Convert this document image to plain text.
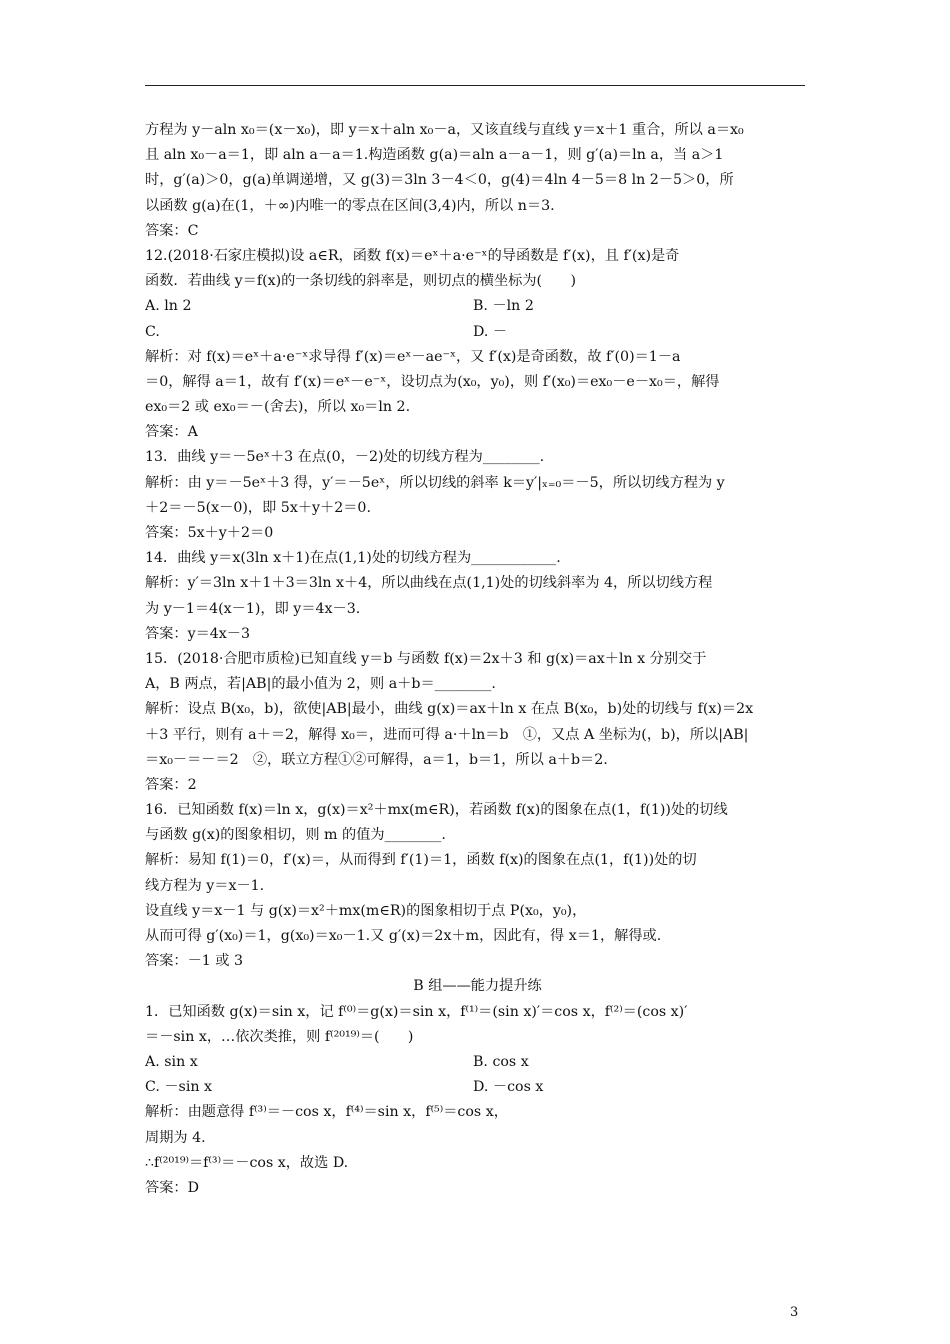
方程为 y－aln x₀＝(x－x₀)，即 y＝x＋aln x₀－a，又该直线与直线 y＝x＋1 重合，所以 a＝x₀
且 aln x₀－a＝1，即 aln a－a＝1.构造函数 g(a)＝aln a－a－1，则 g′(a)＝ln a，当 a＞1
时，g′(a)＞0，g(a)单调递增，又 g(3)＝3ln 3－4＜0，g(4)＝4ln 4－5＝8 ln 2－5＞0，所
以函数 g(a)在(1，＋∞)内唯一的零点在区间(3,4)内，所以 n＝3.
答案：C
12.(2018·石家庄模拟)设 a∈R，函数 f(x)＝eˣ＋a·e⁻ˣ的导函数是 f′(x)，且 f′(x)是奇
函数．若曲线 y＝f(x)的一条切线的斜率是，则切点的横坐标为(　　)
A. ln 2	B. －ln 2
C.	D. －
解析：对 f(x)＝eˣ＋a·e⁻ˣ求导得 f′(x)＝eˣ－ae⁻ˣ，又 f′(x)是奇函数，故 f′(0)＝1－a
＝0，解得 a＝1，故有 f′(x)＝eˣ－e⁻ˣ，设切点为(x₀，y₀)，则 f′(x₀)＝ex₀－e－x₀＝，解得
ex₀＝2 或 ex₀＝－(舍去)，所以 x₀＝ln 2.
答案：A
13．曲线 y＝－5eˣ＋3 在点(0，－2)处的切线方程为________.
解析：由 y＝－5eˣ＋3 得，y′＝－5eˣ，所以切线的斜率 k＝y′|ₓ₌₀＝－5，所以切线方程为 y
＋2＝－5(x－0)，即 5x＋y＋2＝0.
答案：5x＋y＋2＝0
14．曲线 y＝x(3ln x＋1)在点(1,1)处的切线方程为____________.
解析：y′＝3ln x＋1＋3＝3ln x＋4，所以曲线在点(1,1)处的切线斜率为 4，所以切线方程
为 y－1＝4(x－1)，即 y＝4x－3.
答案：y＝4x－3
15．(2018·合肥市质检)已知直线 y＝b 与函数 f(x)＝2x＋3 和 g(x)＝ax＋ln x 分别交于
A，B 两点，若|AB|的最小值为 2，则 a＋b＝________.
解析：设点 B(x₀，b)，欲使|AB|最小，曲线 g(x)＝ax＋ln x 在点 B(x₀，b)处的切线与 f(x)＝2x
＋3 平行，则有 a＋＝2，解得 x₀＝，进而可得 a·＋ln＝b　①，又点 A 坐标为(，b)，所以|AB|
＝x₀－＝－＝2　②，联立方程①②可解得，a＝1，b＝1，所以 a＋b＝2.
答案：2
16．已知函数 f(x)＝ln x，g(x)＝x²＋mx(m∈R)，若函数 f(x)的图象在点(1，f(1))处的切线
与函数 g(x)的图象相切，则 m 的值为________.
解析：易知 f(1)＝0，f′(x)＝，从而得到 f′(1)＝1，函数 f(x)的图象在点(1，f(1))处的切
线方程为 y＝x－1.
设直线 y＝x－1 与 g(x)＝x²＋mx(m∈R)的图象相切于点 P(x₀，y₀)，
从而可得 g′(x₀)＝1，g(x₀)＝x₀－1.又 g′(x)＝2x＋m，因此有，得 x＝1，解得或.
答案：－1 或 3
B 组——能力提升练
1．已知函数 g(x)＝sin x，记 f⁽⁰⁾＝g(x)＝sin x，f⁽¹⁾＝(sin x)′＝cos x，f⁽²⁾＝(cos x)′
＝－sin x，…依次类推，则 f⁽²⁰¹⁹⁾＝(　　)
A. sin x	B. cos x
C. －sin x	D. －cos x
解析：由题意得 f⁽³⁾＝－cos x，f⁽⁴⁾＝sin x，f⁽⁵⁾＝cos x，
周期为 4.
∴f⁽²⁰¹⁹⁾＝f⁽³⁾＝－cos x，故选 D.
答案：D
3
